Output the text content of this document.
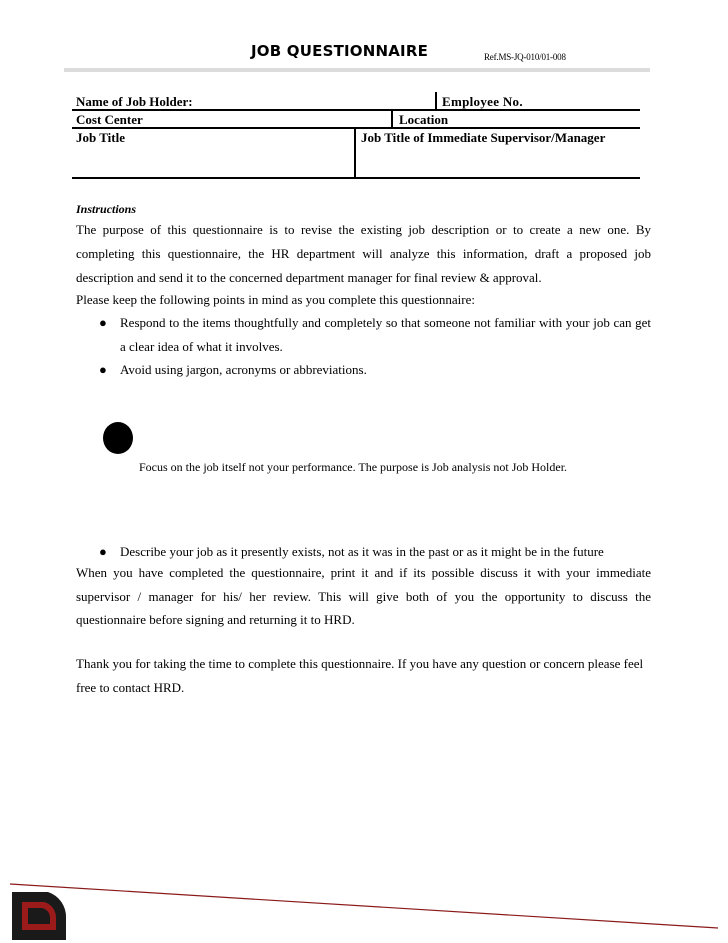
JOB QUESTIONNAIRE	Ref.MS-JQ-010/01-008
Name of Job Holder:	Employee No.
Cost Center	Location
Job Title	Job Title of Immediate Supervisor/Manager
Instructions
The purpose of this questionnaire is to revise the existing job description or to create a new one. By
completing this questionnaire, the HR department will analyze this information, draft a proposed job
description and send it to the concerned department manager for final review & approval.
Please keep the following points in mind as you complete this questionnaire:
● Respond to the items thoughtfully and completely so that someone not familiar with your job can get
a clear idea of what it involves.
● Avoid using jargon, acronyms or abbreviations.
Focus on the job itself not your performance. The purpose is Job analysis not Job Holder.
● Describe your job as it presently exists, not as it was in the past or as it might be in the future
When you have completed the questionnaire, print it and if its possible discuss it with your immediate
supervisor / manager for his/ her review. This will give both of you the opportunity to discuss the
questionnaire before signing and returning it to HRD.
Thank you for taking the time to complete this questionnaire. If you have any question or concern please feel
free to contact HRD.
